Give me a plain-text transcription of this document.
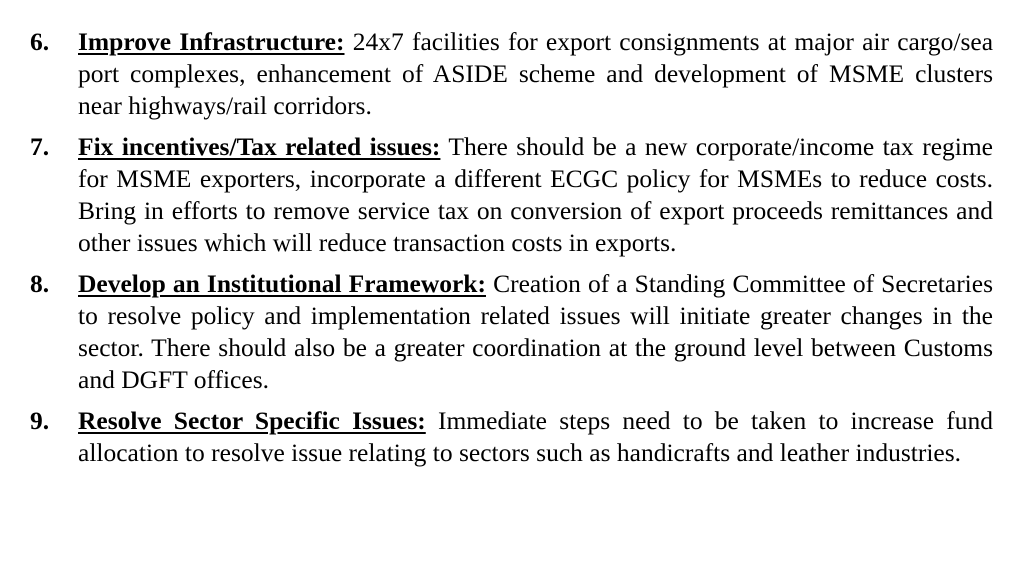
6. Improve Infrastructure: 24x7 facilities for export consignments at major air cargo/sea port complexes, enhancement of ASIDE scheme and development of MSME clusters near highways/rail corridors.
7. Fix incentives/Tax related issues: There should be a new corporate/income tax regime for MSME exporters, incorporate a different ECGC policy for MSMEs to reduce costs. Bring in efforts to remove service tax on conversion of export proceeds remittances and other issues which will reduce transaction costs in exports.
8. Develop an Institutional Framework: Creation of a Standing Committee of Secretaries to resolve policy and implementation related issues will initiate greater changes in the sector. There should also be a greater coordination at the ground level between Customs and DGFT offices.
9. Resolve Sector Specific Issues: Immediate steps need to be taken to increase fund allocation to resolve issue relating to sectors such as handicrafts and leather industries.
